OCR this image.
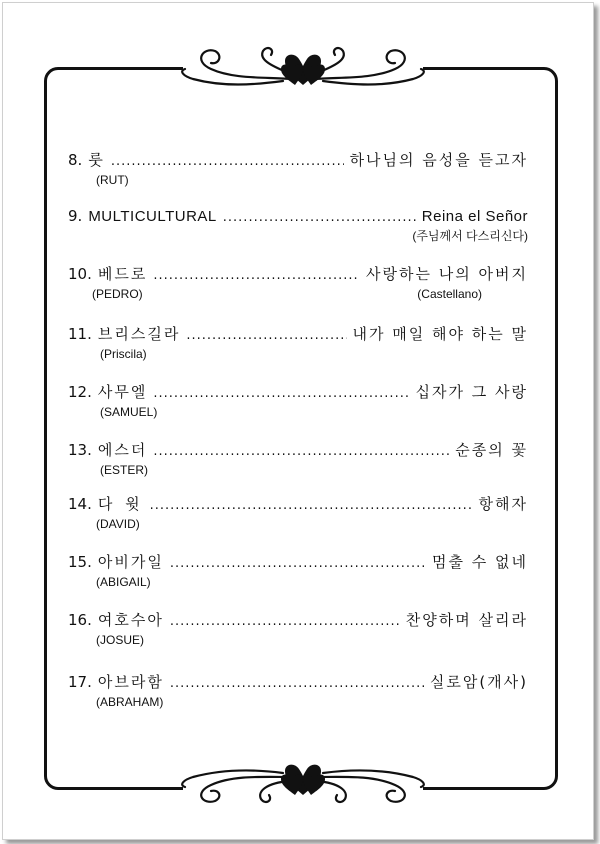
8. 룻 .....	하나님의 음성을 듣고자
(RUT)
9. MULTICULTURAL .....	Reina el Señor
(주님께서 다스리신다)
10. 베드로 .....	사랑하는 나의 아버지
(PEDRO)	(Castellano)
11. 브리스길라 .....	내가 매일 해야 하는 말
(Priscila)
12. 사무엘 .....	십자가 그 사랑
(SAMUEL)
13. 에스더 .....	순종의 꽃
(ESTER)
14. 다 윗 .....	항해자
(DAVID)
15. 아비가일 .....	멈출 수 없네
(ABIGAIL)
16. 여호수아 .....	찬양하며 살리라
(JOSUE)
17. 아브라함 .....	실로암(개사)
(ABRAHAM)
